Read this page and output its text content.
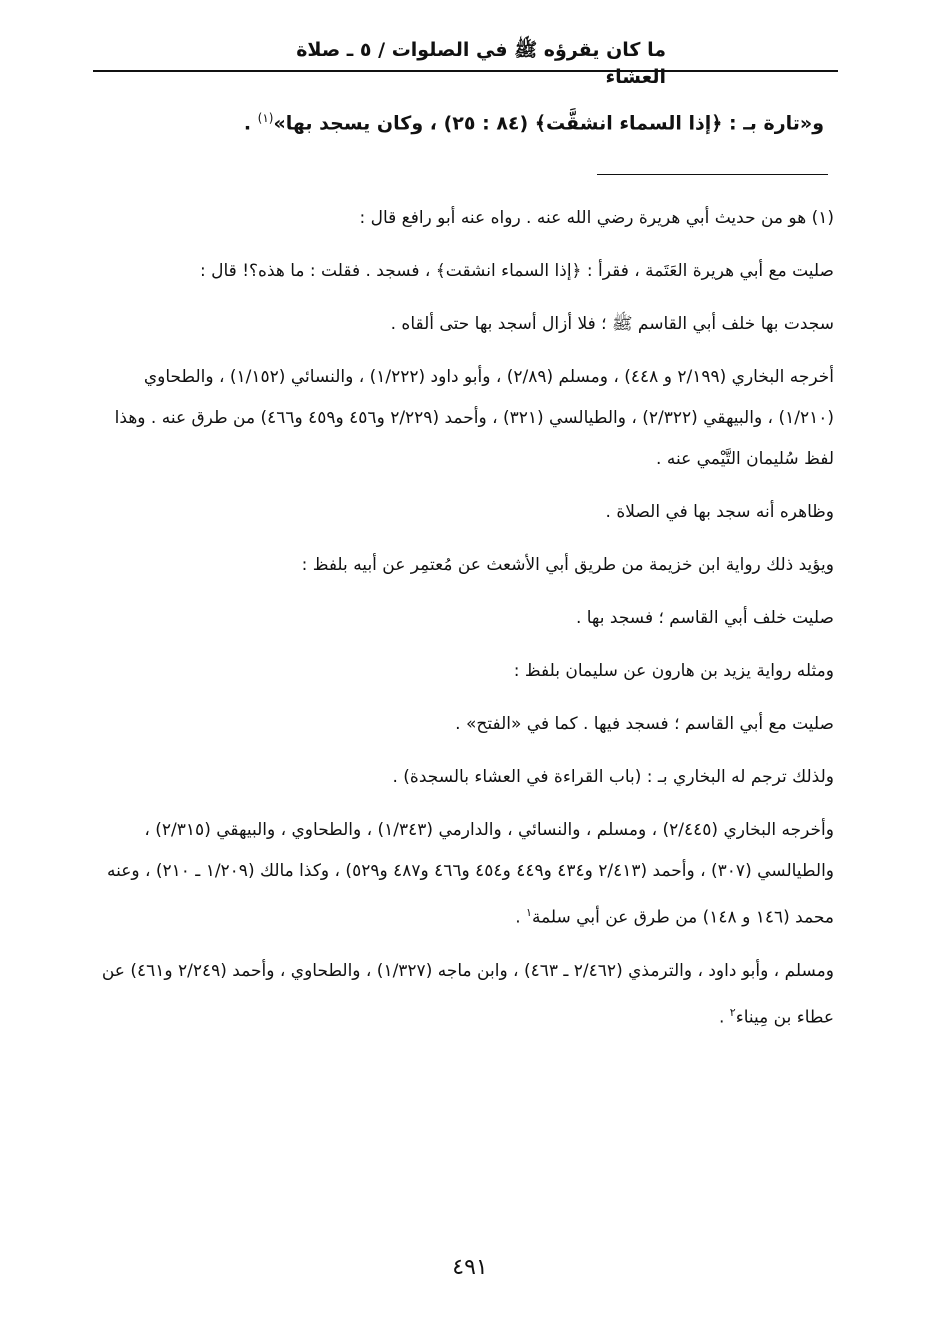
ما كان يقرؤه ﷺ في الصلوات / ٥ ـ صلاة العشاء
و«تارة بـ : ﴿إذا السماء انشقَّت﴾ (٨٤ : ٢٥) ، وكان يسجد بها»$^{(١)}$ .

(١) هو من حديث أبي هريرة رضي الله عنه . رواه عنه أبو رافع قال :

صليت مع أبي هريرة العَتَمة ، فقرأ : ﴿إذا السماء انشقت﴾ ، فسجد . فقلت : ما هذه؟! قال :

سجدت بها خلف أبي القاسم ﷺ ؛ فلا أزال أسجد بها حتى ألقاه .

أخرجه البخاري (٢/١٩٩ و ٤٤٨) ، ومسلم (٢/٨٩) ، وأبو داود (١/٢٢٢) ، والنسائي (١/١٥٢) ، والطحاوي (١/٢١٠) ، والبيهقي (٢/٣٢٢) ، والطيالسي (٣٢١) ، وأحمد (٢/٢٢٩ و٤٥٦ و٤٥٩ و٤٦٦) من طرق عنه . وهذا لفظ سُليمان التَّيْمي عنه .

وظاهره أنه سجد بها في الصلاة .

ويؤيد ذلك رواية ابن خزيمة من طريق أبي الأشعث عن مُعتمِر عن أبيه بلفظ :

صليت خلف أبي القاسم ؛ فسجد بها .

ومثله رواية يزيد بن هارون عن سليمان بلفظ :

صليت مع أبي القاسم ؛ فسجد فيها . كما في «الفتح» .

ولذلك ترجم له البخاري بـ : (باب القراءة في العشاء بالسجدة) .

وأخرجه البخاري (٢/٤٤٥) ، ومسلم ، والنسائي ، والدارمي (١/٣٤٣) ، والطحاوي ، والبيهقي (٢/٣١٥) ، والطيالسي (٣٠٧) ، وأحمد (٢/٤١٣ و٤٣٤ و٤٤٩ و٤٥٤ و٤٦٦ و٤٨٧ و٥٢٩) ، وكذا مالك (١/٢٠٩ ـ ٢١٠) ، وعنه محمد (١٤٦ و ١٤٨) من طرق عن أبي سلمة$^١$ .

ومسلم ، وأبو داود ، والترمذي (٢/٤٦٢ ـ ٤٦٣) ، وابن ماجه (١/٣٢٧) ، والطحاوي ، وأحمد (٢/٢٤٩ و٤٦١) عن عطاء بن مِيناء$^٢$ .

٤٩١
